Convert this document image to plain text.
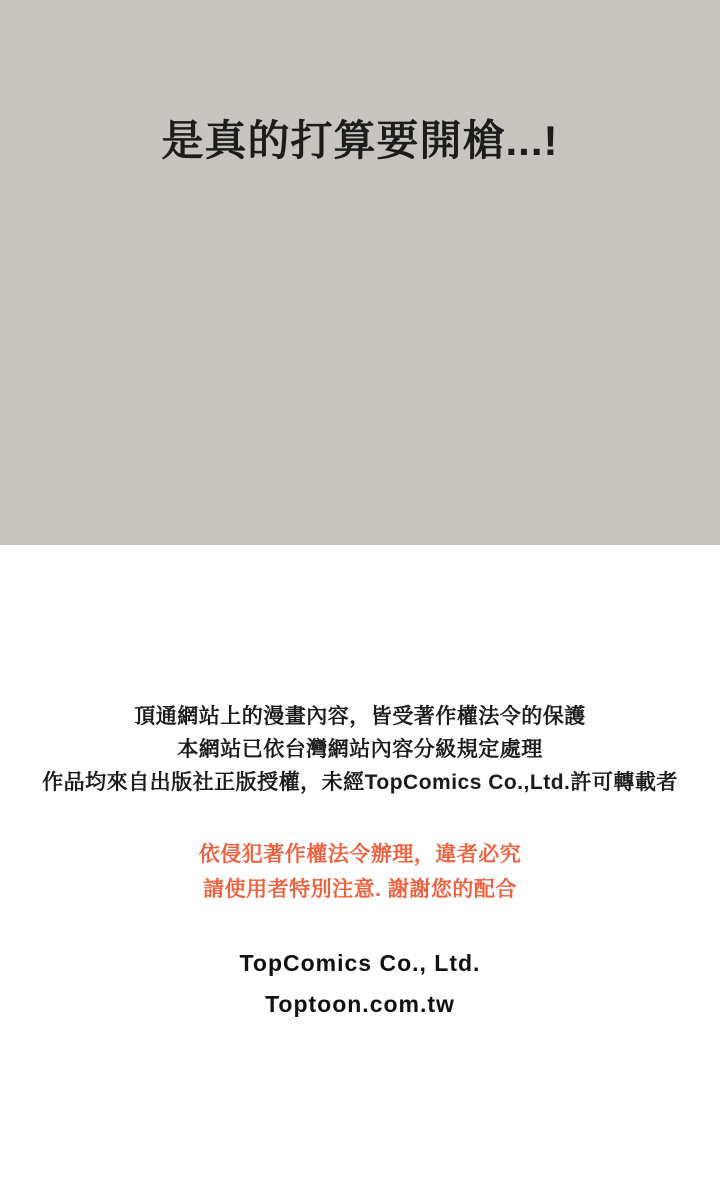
是真的打算要開槍...!
頂通網站上的漫畫內容，皆受著作權法令的保護
本網站已依台灣網站內容分級規定處理
作品均來自出版社正版授權，未經TopComics Co.,Ltd.許可轉載者
依侵犯著作權法令辦理，違者必究
請使用者特別注意. 謝謝您的配合
TopComics Co., Ltd.
Toptoon.com.tw
